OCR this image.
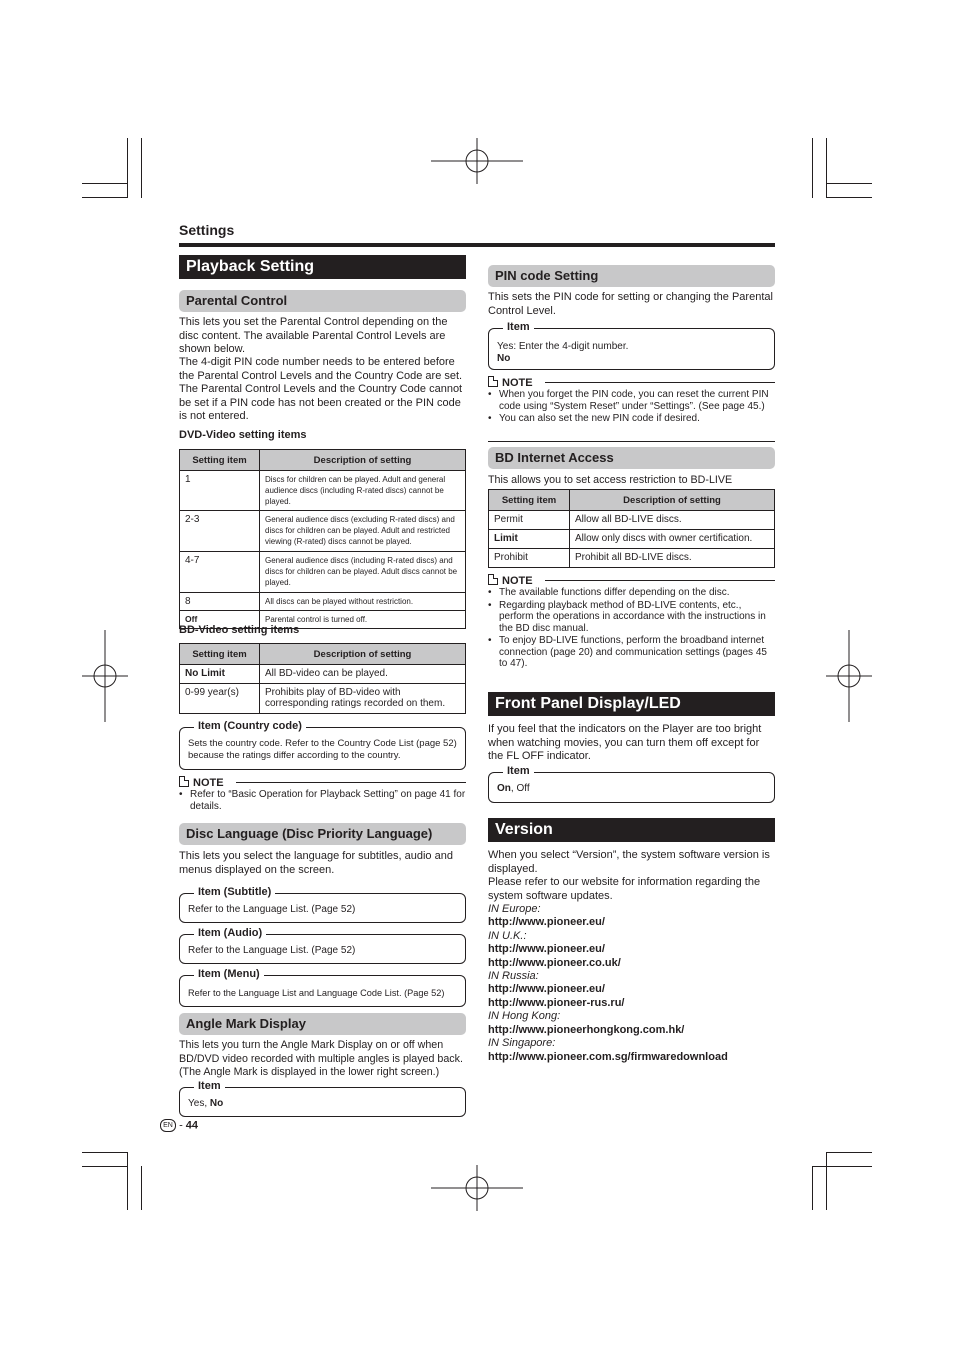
Settings
Playback Setting
Parental Control
This lets you set the Parental Control depending on the disc content. The available Parental Control Levels are shown below.
The 4-digit PIN code number needs to be entered before the Parental Control Levels and the Country Code are set. The Parental Control Levels and the Country Code cannot be set if a PIN code has not been created or the PIN code is not entered.
DVD-Video setting items
Setting item	Description of setting
1	Discs for children can be played. Adult and general audience discs (including R-rated discs) cannot be played.
2-3	General audience discs (excluding R-rated discs) and discs for children can be played. Adult and restricted viewing (R-rated) discs cannot be played.
4-7	General audience discs (including R-rated discs) and discs for children can be played. Adult discs cannot be played.
8	All discs can be played without restriction.
Off	Parental control is turned off.
BD-Video setting items
Setting item	Description of setting
No Limit	All BD-video can be played.
0-99 year(s)	Prohibits play of BD-video with corresponding ratings recorded on them.
Item (Country code)
Sets the country code. Refer to the Country Code List (page 52) because the ratings differ according to the country.
NOTE
• Refer to “Basic Operation for Playback Setting” on page 41 for details.
Disc Language (Disc Priority Language)
This lets you select the language for subtitles, audio and menus displayed on the screen.
Item (Subtitle)
Refer to the Language List. (Page 52)
Item (Audio)
Refer to the Language List. (Page 52)
Item (Menu)
Refer to the Language List and Language Code List. (Page 52)
Angle Mark Display
This lets you turn the Angle Mark Display on or off when BD/DVD video recorded with multiple angles is played back. (The Angle Mark is displayed in the lower right screen.)
Item
Yes, No
EN - 44
PIN code Setting
This sets the PIN code for setting or changing the Parental Control Level.
Item
Yes: Enter the 4-digit number.
No
NOTE
• When you forget the PIN code, you can reset the current PIN code using “System Reset” under “Settings”. (See page 45.)
• You can also set the new PIN code if desired.
BD Internet Access
This allows you to set access restriction to BD-LIVE
Setting item	Description of setting
Permit	Allow all BD-LIVE discs.
Limit	Allow only discs with owner certification.
Prohibit	Prohibit all BD-LIVE discs.
NOTE
• The available functions differ depending on the disc.
• Regarding playback method of BD-LIVE contents, etc., perform the operations in accordance with the instructions in the BD disc manual.
• To enjoy BD-LIVE functions, perform the broadband internet connection (page 20) and communication settings (pages 45 to 47).
Front Panel Display/LED
If you feel that the indicators on the Player are too bright when watching movies, you can turn them off except for the FL OFF indicator.
Item
On, Off
Version
When you select “Version”, the system software version is displayed.
Please refer to our website for information regarding the system software updates.
IN Europe:
http://www.pioneer.eu/
IN U.K.:
http://www.pioneer.eu/
http://www.pioneer.co.uk/
IN Russia:
http://www.pioneer.eu/
http://www.pioneer-rus.ru/
IN Hong Kong:
http://www.pioneerhongkong.com.hk/
IN Singapore:
http://www.pioneer.com.sg/firmwaredownload
